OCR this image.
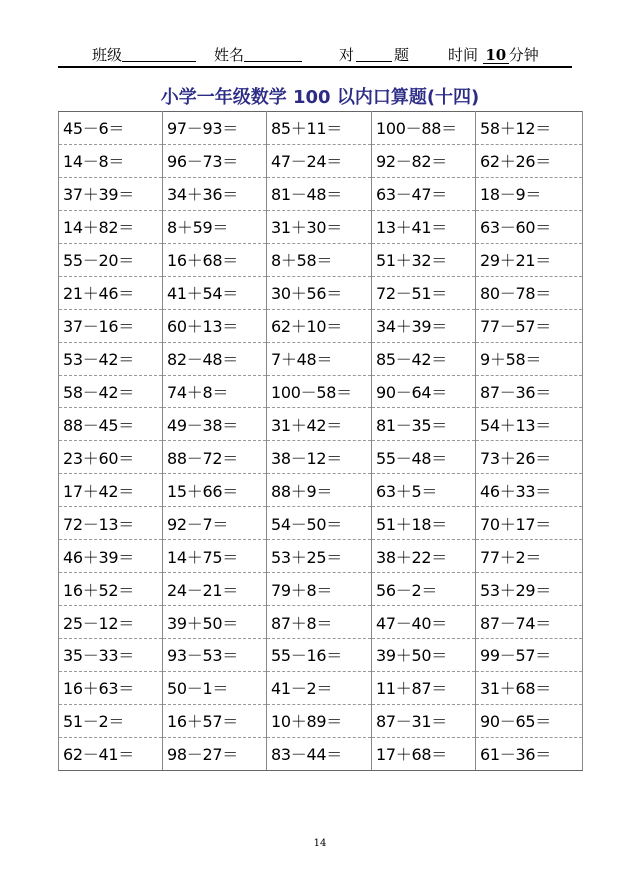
班级	姓名	对	题	时间 10 分钟
小学一年级数学 100 以内口算题(十四)
45－6＝	97－93＝	85＋11＝	100－88＝	58＋12＝
14－8＝	96－73＝	47－24＝	92－82＝	62＋26＝
37＋39＝	34＋36＝	81－48＝	63－47＝	18－9＝
14＋82＝	8＋59＝	31＋30＝	13＋41＝	63－60＝
55－20＝	16＋68＝	8＋58＝	51＋32＝	29＋21＝
21＋46＝	41＋54＝	30＋56＝	72－51＝	80－78＝
37－16＝	60＋13＝	62＋10＝	34＋39＝	77－57＝
53－42＝	82－48＝	7＋48＝	85－42＝	9＋58＝
58－42＝	74＋8＝	100－58＝	90－64＝	87－36＝
88－45＝	49－38＝	31＋42＝	81－35＝	54＋13＝
23＋60＝	88－72＝	38－12＝	55－48＝	73＋26＝
17＋42＝	15＋66＝	88＋9＝	63＋5＝	46＋33＝
72－13＝	92－7＝	54－50＝	51＋18＝	70＋17＝
46＋39＝	14＋75＝	53＋25＝	38＋22＝	77＋2＝
16＋52＝	24－21＝	79＋8＝	56－2＝	53＋29＝
25－12＝	39＋50＝	87＋8＝	47－40＝	87－74＝
35－33＝	93－53＝	55－16＝	39＋50＝	99－57＝
16＋63＝	50－1＝	41－2＝	11＋87＝	31＋68＝
51－2＝	16＋57＝	10＋89＝	87－31＝	90－65＝
62－41＝	98－27＝	83－44＝	17＋68＝	61－36＝
14
